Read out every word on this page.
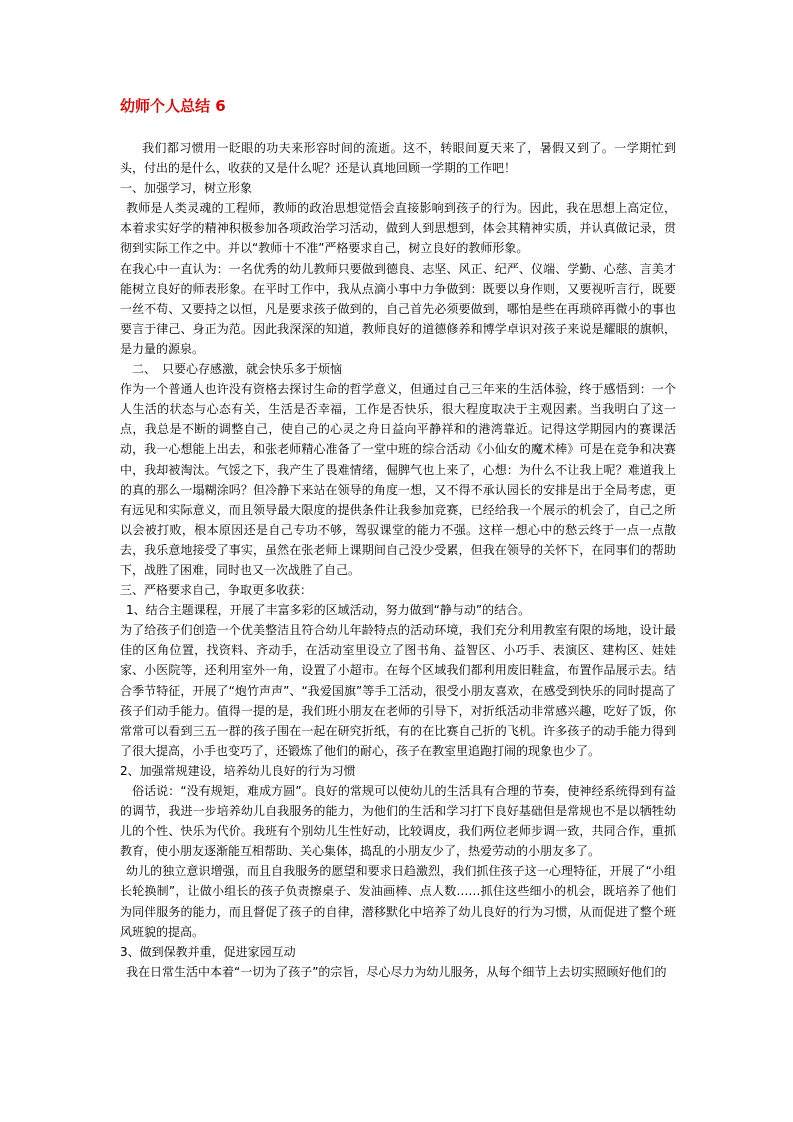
幼师个人总结 6

我们都习惯用一眨眼的功夫来形容时间的流逝。这不，转眼间夏天来了，暑假又到了。一学期忙到头，付出的是什么，收获的又是什么呢？还是认真地回顾一学期的工作吧！

一、加强学习，树立形象

教师是人类灵魂的工程师，教师的政治思想觉悟会直接影响到孩子的行为。因此，我在思想上高定位，本着求实好学的精神积极参加各项政治学习活动，做到人到思想到，体会其精神实质，并认真做记录，贯彻到实际工作之中。并以“教师十不准”严格要求自己，树立良好的教师形象。

在我心中一直认为：一名优秀的幼儿教师只要做到德良、志坚、风正、纪严、仪端、学勤、心慈、言美才能树立良好的师表形象。在平时工作中，我从点滴小事中力争做到：既要以身作则，又要视听言行，既要一丝不苟、又要持之以恒，凡是要求孩子做到的，自己首先必须要做到，哪怕是些在再琐碎再微小的事也要言于律己、身正为范。因此我深深的知道，教师良好的道德修养和博学卓识对孩子来说是耀眼的旗帜，是力量的源泉。

二、　只要心存感激，就会快乐多于烦恼

作为一个普通人也许没有资格去探讨生命的哲学意义，但通过自己三年来的生活体验，终于感悟到：一个人生活的状态与心态有关，生活是否幸福，工作是否快乐，很大程度取决于主观因素。当我明白了这一点，我总是不断的调整自己，使自己的心灵之舟日益向平静祥和的港湾靠近。记得这学期园内的赛课活动，我一心想能上出去，和张老师精心准备了一堂中班的综合活动《小仙女的魔术棒》可是在竞争和决赛中，我却被淘汰。气馁之下，我产生了畏难情绪，倔脾气也上来了，心想：为什么不让我上呢？难道我上的真的那么一塌糊涂吗？但冷静下来站在领导的角度一想，又不得不承认园长的安排是出于全局考虑，更有远见和实际意义，而且领导最大限度的提供条件让我参加竞赛，已经给我一个展示的机会了，自己之所以会被打败，根本原因还是自己专功不够，驾驭课堂的能力不强。这样一想心中的愁云终于一点一点散去，我乐意地接受了事实，虽然在张老师上课期间自己没少受累，但我在领导的关怀下，在同事们的帮助下，战胜了困难，同时也又一次战胜了自己。

三、严格要求自己，争取更多收获：

1、结合主题课程，开展了丰富多彩的区域活动，努力做到“静与动”的结合。

为了给孩子们创造一个优美整洁且符合幼儿年龄特点的活动环境，我们充分利用教室有限的场地，设计最佳的区角位置，找资料、齐动手，在活动室里设立了图书角、益智区、小巧手、表演区、建构区、娃娃家、小医院等，还利用室外一角，设置了小超市。在每个区域我们都利用废旧鞋盒，布置作品展示去。结合季节特征，开展了“炮竹声声”、“我爱国旗”等手工活动，很受小朋友喜欢，在感受到快乐的同时提高了孩子们动手能力。值得一提的是，我们班小朋友在老师的引导下，对折纸活动非常感兴趣，吃好了饭，你常常可以看到三五一群的孩子围在一起在研究折纸，有的在比赛自己折的飞机。许多孩子的动手能力得到了很大提高，小手也变巧了，还锻炼了他们的耐心，孩子在教室里追跑打闹的现象也少了。

2、加强常规建设，培养幼儿良好的行为习惯

俗话说：“没有规矩，难成方圆”。良好的常规可以使幼儿的生活具有合理的节奏，使神经系统得到有益的调节，我进一步培养幼儿自我服务的能力，为他们的生活和学习打下良好基础但是常规也不是以牺牲幼儿的个性、快乐为代价。我班有个别幼儿生性好动，比较调皮，我们两位老师步调一致，共同合作，重抓教育，使小朋友逐渐能互相帮助、关心集体，捣乱的小朋友少了，热爱劳动的小朋友多了。

幼儿的独立意识增强，而且自我服务的愿望和要求日趋激烈，我们抓住孩子这一心理特征，开展了“小组长轮换制”，让做小组长的孩子负责擦桌子、发油画棒、点人数……抓住这些细小的机会，既培养了他们为同伴服务的能力，而且督促了孩子的自律，潜移默化中培养了幼儿良好的行为习惯，从而促进了整个班风班貌的提高。

3、做到保教并重，促进家园互动

我在日常生活中本着“一切为了孩子”的宗旨，尽心尽力为幼儿服务，从每个细节上去切实照顾好他们的
